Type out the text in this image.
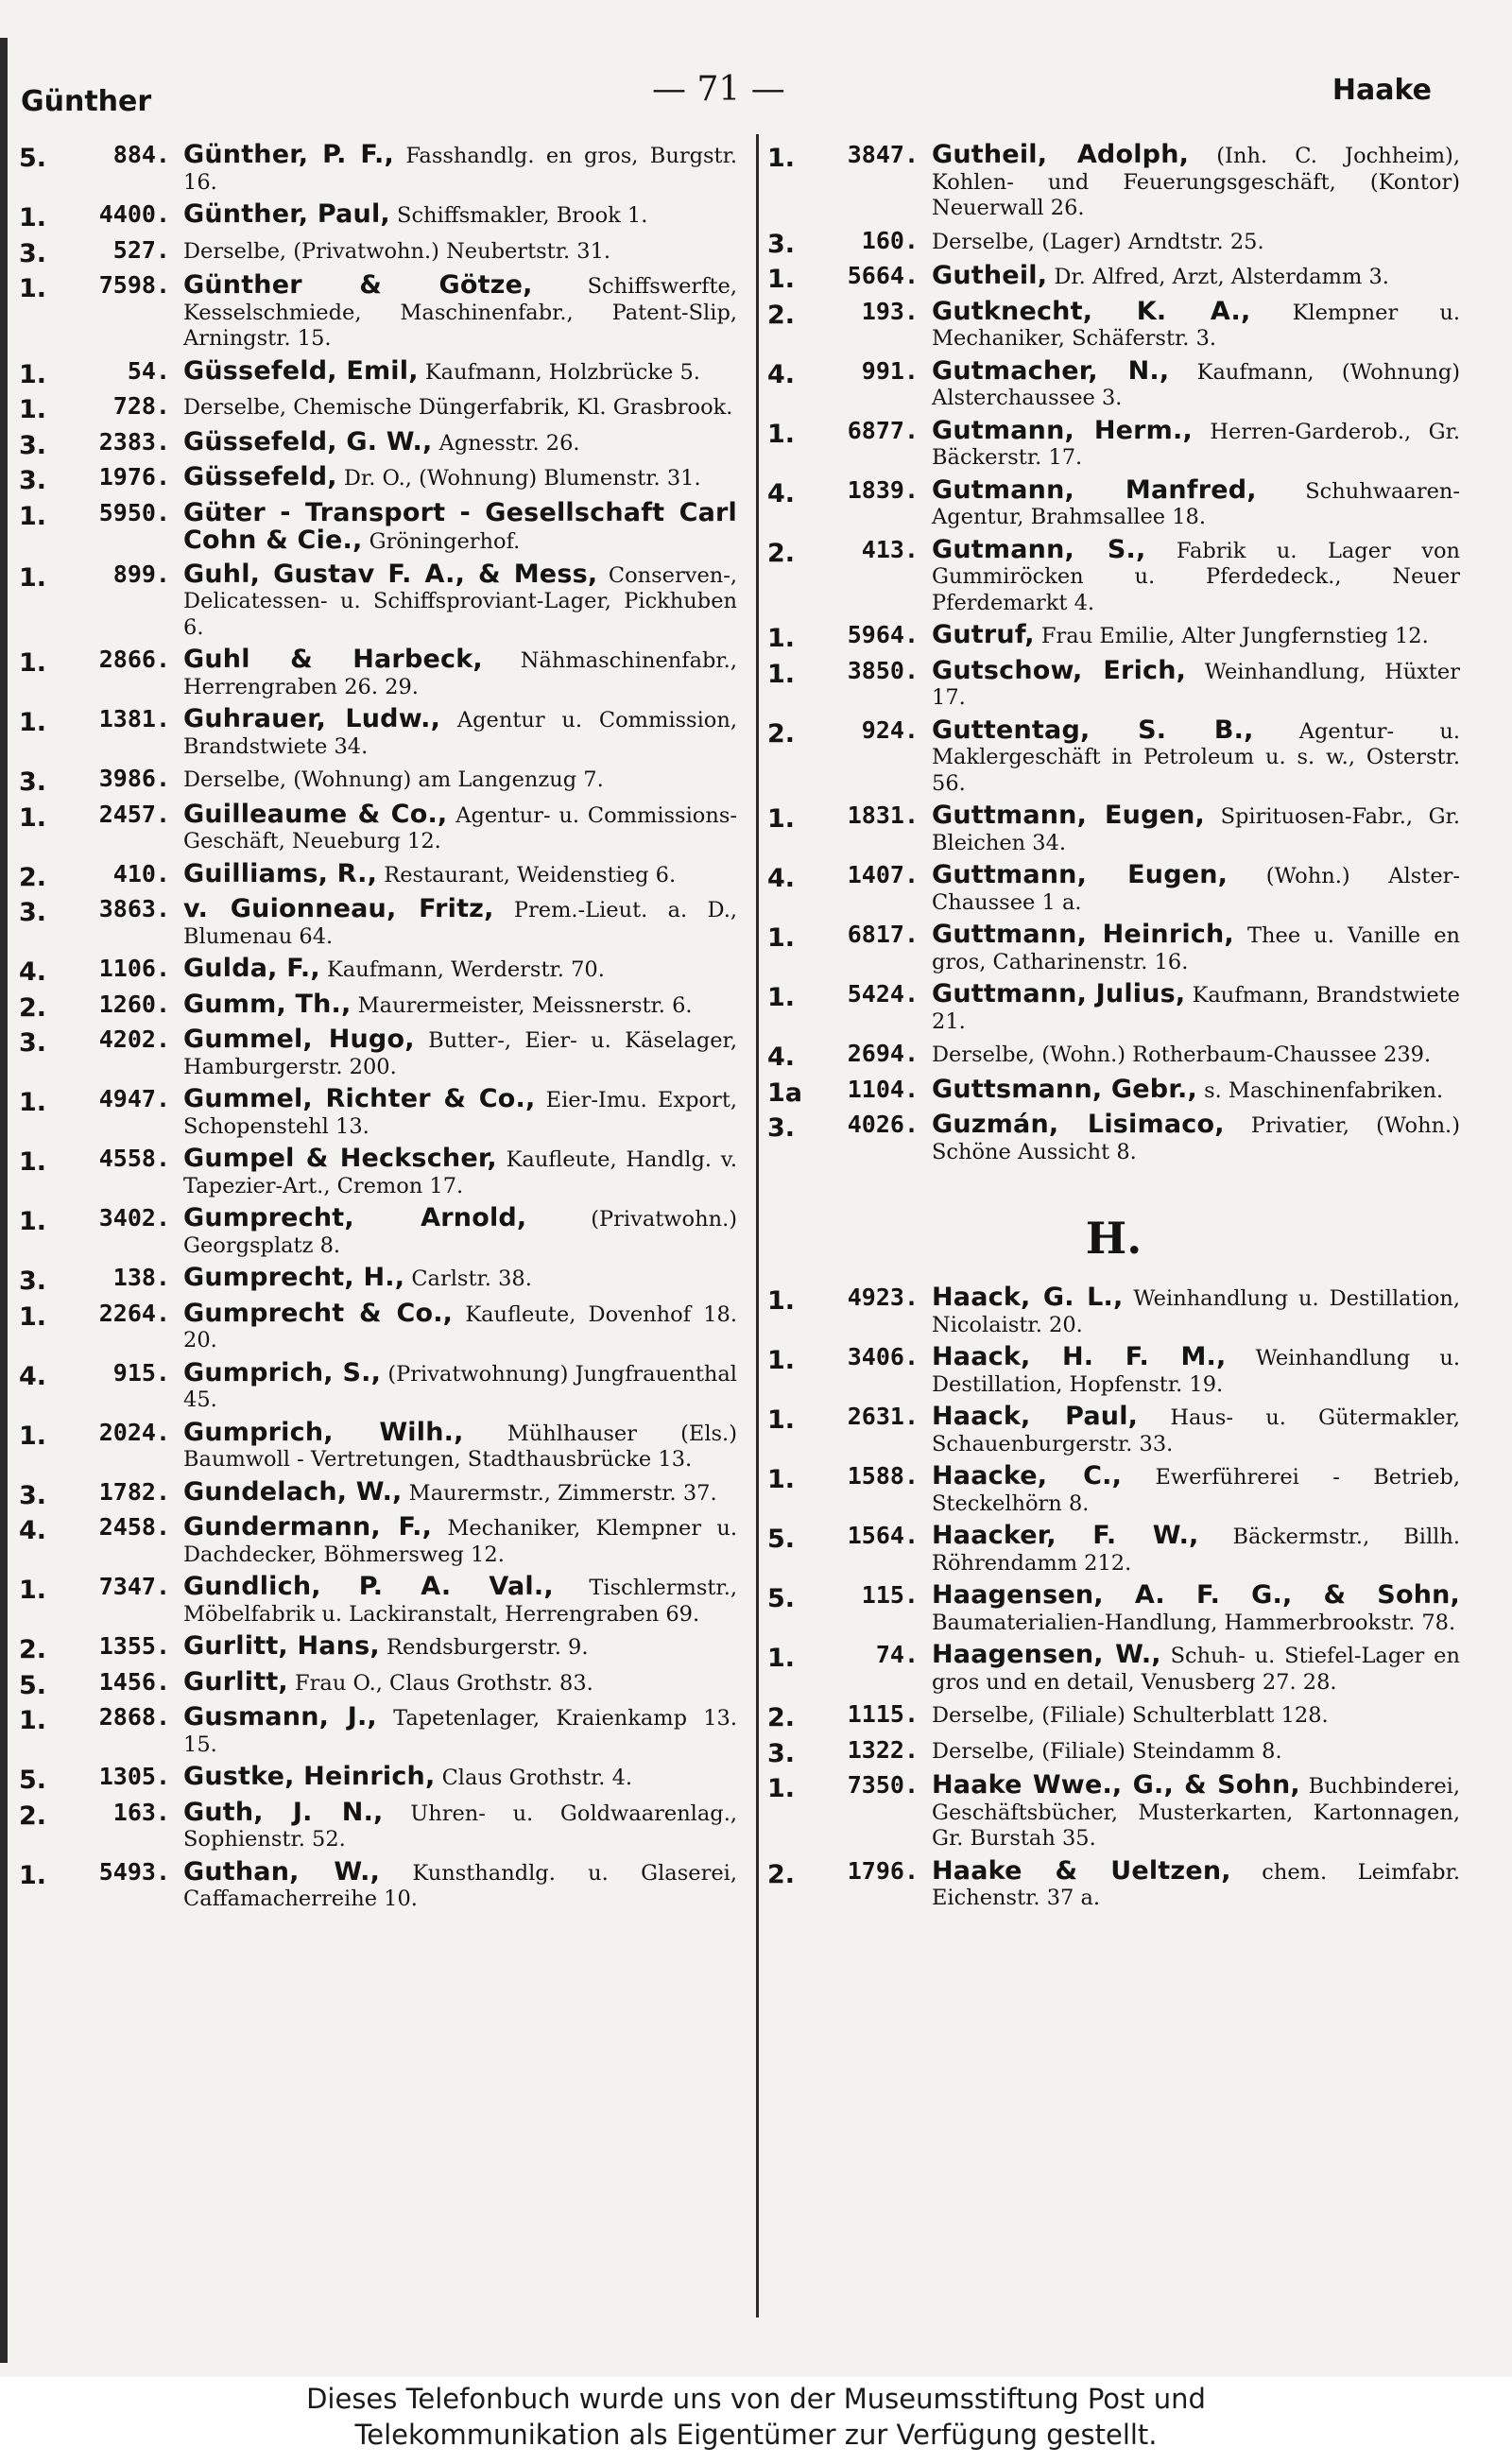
Günther	— 71 —	Haake
5.	884. Günther, P. F., Fasshandlg. en gros, Burgstr. 16.
1.	4400. Günther, Paul, Schiffsmakler, Brook 1.
3.	527. Derselbe, (Privatwohn.) Neubertstr. 31.
1.	7598. Günther & Götze,	Schiffswerfte, Kesselschmiede, Maschinenfabr., Patent-Slip, Arningstr. 15.
1.	54. Güssefeld, Emil, Kaufmann, Holzbrücke 5.
1.	728. Derselbe, Chemische Düngerfabrik, Kl. Grasbrook.
3.	2383. Güssefeld, G. W., Agnesstr. 26.
3.	1976. Güssefeld, Dr. O., (Wohnung) Blumenstr. 31.
1.	5950. Güter - Transport - Gesellschaft Carl Cohn & Cie., Gröningerhof.
1.	899. Guhl, Gustav F. A., & Mess, Conserven-, Delicatessen- u. Schiffsproviant-Lager, Pickhuben 6.
1.	2866. Guhl & Harbeck, Nähmaschinenfabr., Herrengraben 26. 29.
1.	1381. Guhrauer, Ludw., Agentur u. Commission, Brandstwiete 34.
3.	3986. Derselbe, (Wohnung) am Langenzug 7.
1.	2457. Guilleaume & Co., Agentur- u. Commissions-Geschäft, Neueburg 12.
2.	410. Guilliams, R., Restaurant, Weidenstieg 6.
3.	3863. v. Guionneau, Fritz, Prem.-Lieut. a. D., Blumenau 64.
4.	1106. Gulda, F., Kaufmann, Werderstr. 70.
2.	1260. Gumm, Th., Maurermeister, Meissnerstr. 6.
3.	4202. Gummel, Hugo, Butter-, Eier- u. Käselager, Hamburgerstr. 200.
1.	4947. Gummel, Richter & Co., Eier-Imu. Export, Schopenstehl 13.
1.	4558. Gumpel & Heckscher, Kaufleute, Handlg. v. Tapezier-Art., Cremon 17.
1.	3402. Gumprecht, Arnold,	(Privatwohn.) Georgsplatz 8.
3.	138. Gumprecht, H., Carlstr. 38.
1.	2264. Gumprecht & Co., Kaufleute, Dovenhof 18. 20.
4.	915. Gumprich, S., (Privatwohnung) Jungfrauenthal 45.
1.	2024. Gumprich, Wilh., Mühlhauser (Els.) Baumwoll - Vertretungen, Stadthausbrücke 13.
3.	1782. Gundelach, W., Maurermstr., Zimmerstr. 37.
4.	2458. Gundermann, F., Mechaniker, Klempner u. Dachdecker, Böhmersweg 12.
1.	7347. Gundlich, P. A. Val., Tischlermstr., Möbelfabrik u. Lackiranstalt, Herrengraben 69.
2.	1355. Gurlitt, Hans, Rendsburgerstr. 9.
5.	1456. Gurlitt, Frau O., Claus Grothstr. 83.
1.	2868. Gusmann, J., Tapetenlager, Kraienkamp 13. 15.
5.	1305. Gustke, Heinrich, Claus Grothstr. 4.
2.	163. Guth, J. N., Uhren- u. Goldwaarenlag., Sophienstr. 52.
1.	5493. Guthan, W., Kunsthandlg. u. Glaserei, Caffamacherreihe 10.
1.	3847. Gutheil, Adolph, (Inh. C. Jochheim), Kohlen- und Feuerungsgeschäft, (Kontor) Neuerwall 26.
3.	160. Derselbe, (Lager) Arndtstr. 25.
1.	5664. Gutheil, Dr. Alfred, Arzt, Alsterdamm 3.
2.	193. Gutknecht, K. A., Klempner u. Mechaniker, Schäferstr. 3.
4.	991. Gutmacher, N., Kaufmann, (Wohnung) Alsterchaussee 3.
1.	6877. Gutmann, Herm., Herren-Garderob., Gr. Bäckerstr. 17.
4.	1839. Gutmann, Manfred, Schuhwaaren-Agentur, Brahmsallee 18.
2.	413. Gutmann, S., Fabrik u. Lager von Gummiröcken u. Pferdedeck., Neuer Pferdemarkt 4.
1.	5964. Gutruf, Frau Emilie, Alter Jungfernstieg 12.
1.	3850. Gutschow, Erich, Weinhandlung, Hüxter 17.
2.	924. Guttentag, S. B., Agentur- u. Maklergeschäft in Petroleum u. s. w., Osterstr. 56.
1.	1831. Guttmann, Eugen, Spirituosen-Fabr., Gr. Bleichen 34.
4.	1407. Guttmann, Eugen, (Wohn.) Alster-Chaussee 1 a.
1.	6817. Guttmann, Heinrich, Thee u. Vanille en gros, Catharinenstr. 16.
1.	5424. Guttmann, Julius, Kaufmann, Brandstwiete 21.
4.	2694. Derselbe, (Wohn.) Rotherbaum-Chaussee 239.
1a	1104. Guttsmann, Gebr., s. Maschinenfabriken.
3.	4026. Guzmán, Lisimaco, Privatier, (Wohn.) Schöne Aussicht 8.
H.
1.	4923. Haack, G. L., Weinhandlung u. Destillation, Nicolaistr. 20.
1.	3406. Haack, H. F. M., Weinhandlung u. Destillation, Hopfenstr. 19.
1.	2631. Haack, Paul, Haus- u. Gütermakler, Schauenburgerstr. 33.
1.	1588. Haacke, C., Ewerführerei - Betrieb, Steckelhörn 8.
5.	1564. Haacker, F. W., Bäckermstr., Billh. Röhrendamm 212.
5.	115. Haagensen, A. F. G., & Sohn, Baumaterialien-Handlung, Hammerbrookstr. 78.
1.	74. Haagensen, W., Schuh- u. Stiefel-Lager en gros und en detail, Venusberg 27. 28.
2.	1115. Derselbe, (Filiale) Schulterblatt 128.
3.	1322. Derselbe, (Filiale) Steindamm 8.
1.	7350. Haake Wwe., G., & Sohn, Buchbinderei, Geschäftsbücher, Musterkarten, Kartonnagen, Gr. Burstah 35.
2.	1796. Haake & Ueltzen, chem. Leimfabr. Eichenstr. 37 a.
Dieses Telefonbuch wurde uns von der Museumsstiftung Post und
Telekommunikation als Eigentümer zur Verfügung gestellt.
